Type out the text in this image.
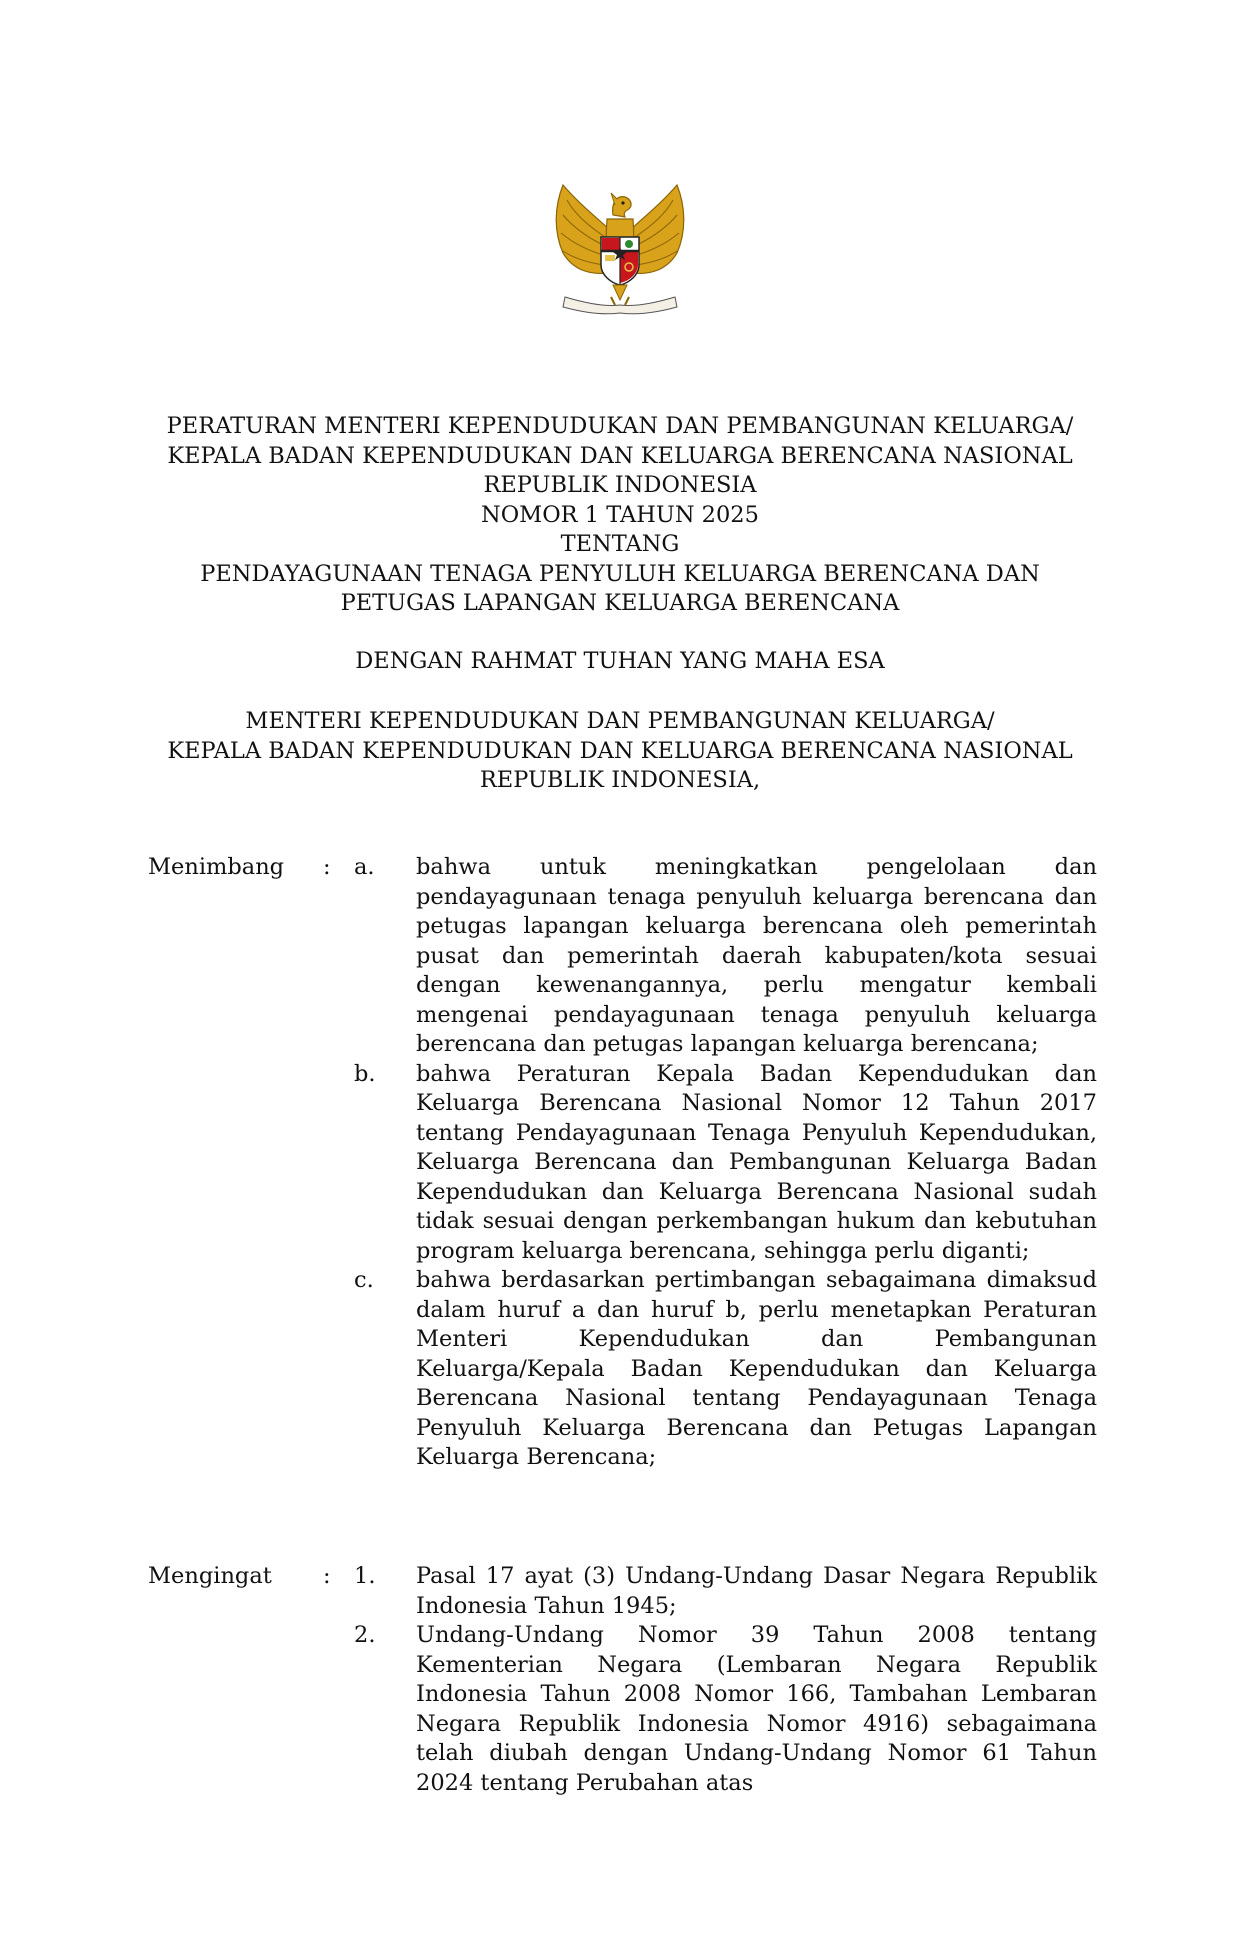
PERATURAN MENTERI KEPENDUDUKAN DAN PEMBANGUNAN KELUARGA/
KEPALA BADAN KEPENDUDUKAN DAN KELUARGA BERENCANA NASIONAL
REPUBLIK INDONESIA
NOMOR 1 TAHUN 2025
TENTANG
PENDAYAGUNAAN TENAGA PENYULUH KELUARGA BERENCANA DAN
PETUGAS LAPANGAN KELUARGA BERENCANA
DENGAN RAHMAT TUHAN YANG MAHA ESA
MENTERI KEPENDUDUKAN DAN PEMBANGUNAN KELUARGA/
KEPALA BADAN KEPENDUDUKAN DAN KELUARGA BERENCANA NASIONAL
REPUBLIK INDONESIA,
Menimbang : a. bahwa untuk meningkatkan pengelolaan dan pendayagunaan tenaga penyuluh keluarga berencana dan petugas lapangan keluarga berencana oleh pemerintah pusat dan pemerintah daerah kabupaten/kota sesuai dengan kewenangannya, perlu mengatur kembali mengenai pendayagunaan tenaga penyuluh keluarga berencana dan petugas lapangan keluarga berencana;
b. bahwa Peraturan Kepala Badan Kependudukan dan Keluarga Berencana Nasional Nomor 12 Tahun 2017 tentang Pendayagunaan Tenaga Penyuluh Kependudukan, Keluarga Berencana dan Pembangunan Keluarga Badan Kependudukan dan Keluarga Berencana Nasional sudah tidak sesuai dengan perkembangan hukum dan kebutuhan program keluarga berencana, sehingga perlu diganti;
c. bahwa berdasarkan pertimbangan sebagaimana dimaksud dalam huruf a dan huruf b, perlu menetapkan Peraturan Menteri Kependudukan dan Pembangunan Keluarga/Kepala Badan Kependudukan dan Keluarga Berencana Nasional tentang Pendayagunaan Tenaga Penyuluh Keluarga Berencana dan Petugas Lapangan Keluarga Berencana;
Mengingat : 1. Pasal 17 ayat (3) Undang-Undang Dasar Negara Republik Indonesia Tahun 1945;
2. Undang-Undang Nomor 39 Tahun 2008 tentang Kementerian Negara (Lembaran Negara Republik Indonesia Tahun 2008 Nomor 166, Tambahan Lembaran Negara Republik Indonesia Nomor 4916) sebagaimana telah diubah dengan Undang-Undang Nomor 61 Tahun 2024 tentang Perubahan atas
